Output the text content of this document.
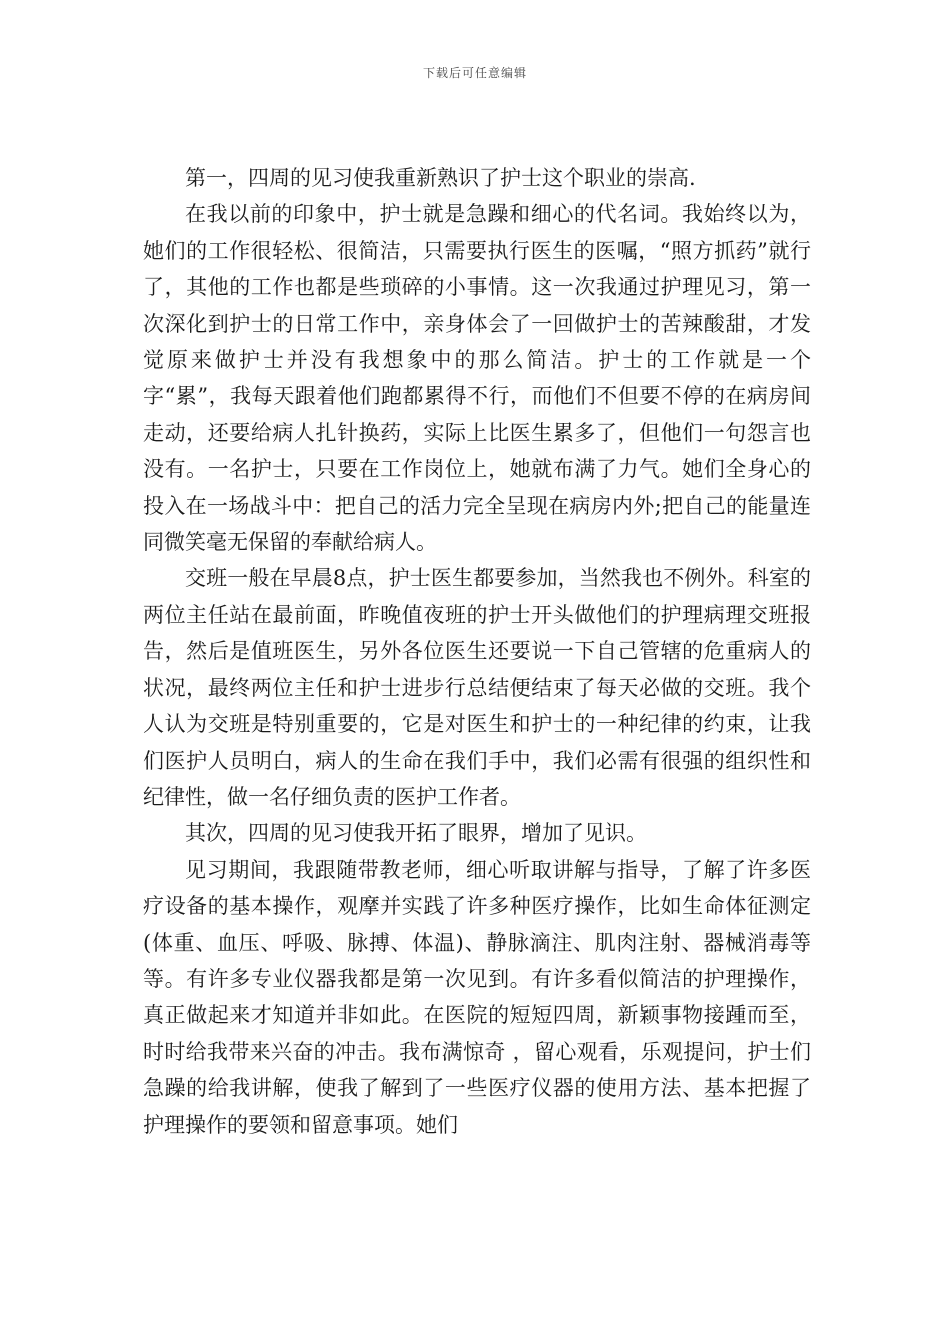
下载后可任意编辑

第一，四周的见习使我重新熟识了护士这个职业的崇高.

在我以前的印象中，护士就是急躁和细心的代名词。我始终以为，她们的工作很轻松、很简洁，只需要执行医生的医嘱，“照方抓药”就行了，其他的工作也都是些琐碎的小事情。这一次我通过护理见习，第一次深化到护士的日常工作中，亲身体会了一回做护士的苦辣酸甜，才发觉原来做护士并没有我想象中的那么简洁。护士的工作就是一个字“累”，我每天跟着他们跑都累得不行，而他们不但要不停的在病房间走动，还要给病人扎针换药，实际上比医生累多了，但他们一句怨言也没有。一名护士，只要在工作岗位上，她就布满了力气。她们全身心的投入在一场战斗中：把自己的活力完全呈现在病房内外;把自己的能量连同微笑毫无保留的奉献给病人。

交班一般在早晨8点，护士医生都要参加，当然我也不例外。科室的两位主任站在最前面，昨晚值夜班的护士开头做他们的护理病理交班报告，然后是值班医生，另外各位医生还要说一下自己管辖的危重病人的状况，最终两位主任和护士进步行总结便结束了每天必做的交班。我个人认为交班是特别重要的，它是对医生和护士的一种纪律的约束，让我们医护人员明白，病人的生命在我们手中，我们必需有很强的组织性和纪律性，做一名仔细负责的医护工作者。

其次，四周的见习使我开拓了眼界，增加了见识。

见习期间，我跟随带教老师，细心听取讲解与指导，了解了许多医疗设备的基本操作，观摩并实践了许多种医疗操作，比如生命体征测定(体重、血压、呼吸、脉搏、体温)、静脉滴注、肌肉注射、器械消毒等等。有许多专业仪器我都是第一次见到。有许多看似简洁的护理操作，真正做起来才知道并非如此。在医院的短短四周，新颖事物接踵而至，时时给我带来兴奋的冲击。我布满惊奇 ，留心观看，乐观提问，护士们急躁的给我讲解，使我了解到了一些医疗仪器的使用方法、基本把握了护理操作的要领和留意事项。她们
